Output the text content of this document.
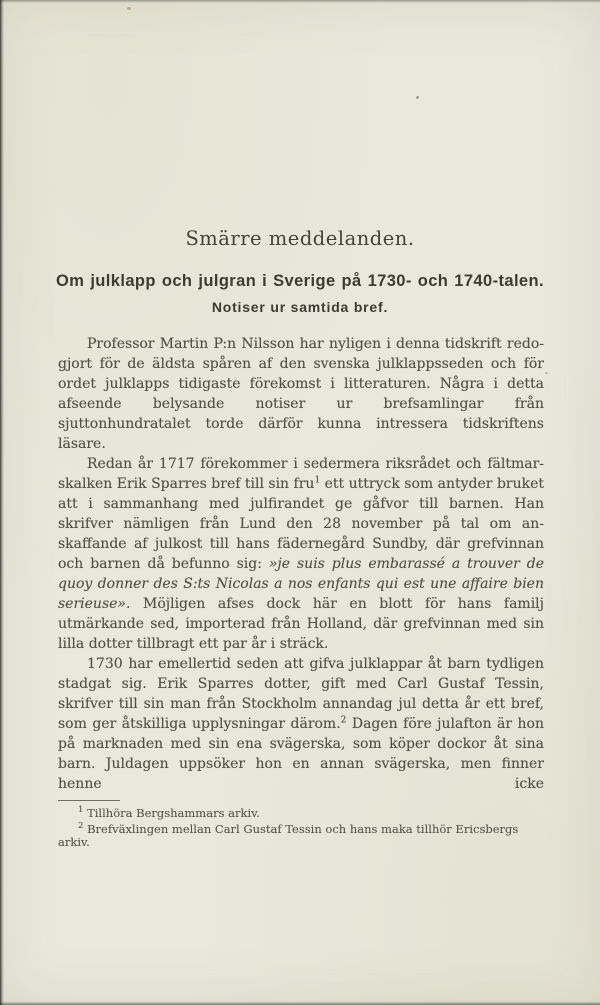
Smärre meddelanden.
Om julklapp och julgran i Sverige på 1730- och 1740-talen.
Notiser ur samtida bref.

Professor Martin P:n Nilsson har nyligen i denna tidskrift redogjort för de äldsta spåren af den svenska julklappsseden och för ordet julklapps tidigaste förekomst i litteraturen. Några i detta afseende belysande notiser ur brefsamlingar från sjuttonhundratalet torde därför kunna intressera tidskriftens läsare.

Redan år 1717 förekommer i sedermera riksrådet och fältmarskalken Erik Sparres bref till sin fru$^1$ ett uttryck som antyder bruket att i sammanhang med julfirandet ge gåfvor till barnen. Han skrifver nämligen från Lund den 28 november på tal om anskaffande af julkost till hans fädernegård Sundby, där grefvinnan och barnen då befunno sig: »je suis plus embarassé a trouver de quoy donner des S:ts Nicolas a nos enfants qui est une affaire bien serieuse». Möjligen afses dock här en blott för hans familj utmärkande sed, importerad från Holland, där grefvinnan med sin lilla dotter tillbragt ett par år i sträck.

1730 har emellertid seden att gifva julklappar åt barn tydligen stadgat sig. Erik Sparres dotter, gift med Carl Gustaf Tessin, skrifver till sin man från Stockholm annandag jul detta år ett bref, som ger åtskilliga upplysningar därom.$^2$ Dagen före julafton är hon på marknaden med sin ena svägerska, som köper dockor åt sina barn. Juldagen uppsöker hon en annan svägerska, men finner henne icke

$^1$ Tillhöra Bergshammars arkiv.

$^2$ Brefväxlingen mellan Carl Gustaf Tessin och hans maka tillhör Ericsbergs arkiv.
